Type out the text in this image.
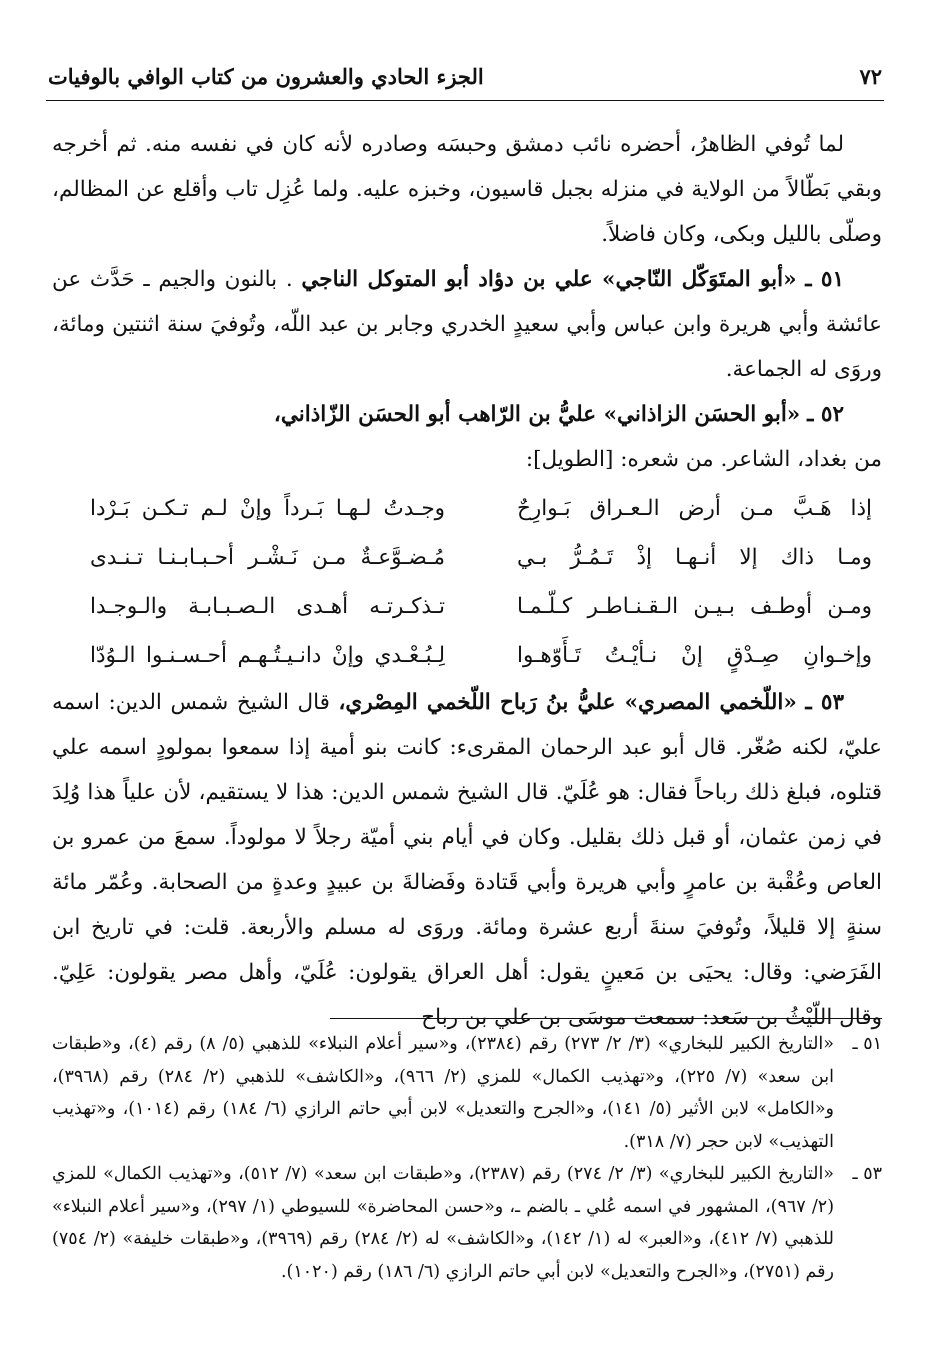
٧٢
الجزء الحادي والعشرون من كتاب الوافي بالوفيات

لما تُوفي الظاهرُ، أحضره نائب دمشق وحبسَه وصادره لأنه كان في نفسه منه. ثم أخرجه وبقي بَطّالاً من الولاية في منزله بجبل قاسيون، وخبزه عليه. ولما عُزِل تاب وأقلع عن المظالم، وصلّى بالليل وبكى، وكان فاضلاً.

٥١ ـ «أبو المتَوَكّل النّاجي» علي بن دؤاد أبو المتوكل الناجي . بالنون والجيم ـ حَدَّث عن عائشة وأبي هريرة وابن عباس وأبي سعيدٍ الخدري وجابر بن عبد اللّه، وتُوفيَ سنة اثنتين ومائة، وروَى له الجماعة.

٥٢ ـ «أبو الحسَن الزاذاني» عليُّ بن الرّاهب أبو الحسَن الزّاذاني،

من بغداد، الشاعر. من شعره: [الطويل]:

إذا هَـبَّ مـن أرض الـعـراق بَـوارِحٌ
وجـدتُ لـهـا بَـرداً وإنْ لـم تـكـن بَـرْدا
ومـا ذاك إلا أنـهـا إذْ تَـمُـرُّ بـي
مُـضـوَّعـةٌ مـن نَـشْـر أحـبـابـنـا تـنـدى
ومـن أوطـف بـيـن الـقـنـاطـر كـلّـمـا
تـذكـرتـه أهـدى الـصـبـابـة والـوجـدا
وإخـوانِ صِـدْقٍ إنْ نـأيْـتُ تَـأَوّهـوا
لِـبُـعْـدي وإنْ دانـيـتُـهـم أحـسـنـوا الـوُدّا

٥٣ ـ «اللّخمي المصري» عليُّ بنُ رَباح اللّخمي المِصْري، قال الشيخ شمس الدين: اسمه عليّ، لكنه صُغّر. قال أبو عبد الرحمان المقرىء: كانت بنو أمية إذا سمعوا بمولودٍ اسمه علي قتلوه، فبلغ ذلك رباحاً فقال: هو عُلَيّ. قال الشيخ شمس الدين: هذا لا يستقيم، لأن علياً هذا وُلِدَ في زمن عثمان، أو قبل ذلك بقليل. وكان في أيام بني أميّة رجلاً لا مولوداً. سمعَ من عمرو بن العاص وعُقْبة بن عامرٍ وأبي هريرة وأبي قَتادة وفَضالةَ بن عبيدٍ وعدةٍ من الصحابة. وعُمّر مائة سنةٍ إلا قليلاً، وتُوفيَ سنةَ أربع عشرة ومائة. وروَى له مسلم والأربعة. قلت: في تاريخ ابن الفَرَضي: وقال: يحيَى بن مَعينٍ يقول: أهل العراق يقولون: عُلَيّ، وأهل مصر يقولون: عَلِيّ. وقال اللّيْثُ بن سَعد: سمعت موسَى بن علي بن رباح

٥١ ـ
«التاريخ الكبير للبخاري» (٣/ ٢/ ٢٧٣) رقم (٢٣٨٤)، و«سير أعلام النبلاء» للذهبي (٥/ ٨) رقم (٤)، و«طبقات ابن سعد» (٧/ ٢٢٥)، و«تهذيب الكمال» للمزي (٢/ ٩٦٦)، و«الكاشف» للذهبي (٢/ ٢٨٤) رقم (٣٩٦٨)، و«الكامل» لابن الأثير (٥/ ١٤١)، و«الجرح والتعديل» لابن أبي حاتم الرازي (٦/ ١٨٤) رقم (١٠١٤)، و«تهذيب التهذيب» لابن حجر (٧/ ٣١٨).
٥٣ ـ
«التاريخ الكبير للبخاري» (٣/ ٢/ ٢٧٤) رقم (٢٣٨٧)، و«طبقات ابن سعد» (٧/ ٥١٢)، و«تهذيب الكمال» للمزي (٢/ ٩٦٧)، المشهور في اسمه عُلي ـ بالضم ـ، و«حسن المحاضرة» للسيوطي (١/ ٢٩٧)، و«سير أعلام النبلاء» للذهبي (٧/ ٤١٢)، و«العبر» له (١/ ١٤٢)، و«الكاشف» له (٢/ ٢٨٤) رقم (٣٩٦٩)، و«طبقات خليفة» (٢/ ٧٥٤) رقم (٢٧٥١)، و«الجرح والتعديل» لابن أبي حاتم الرازي (٦/ ١٨٦) رقم (١٠٢٠).
